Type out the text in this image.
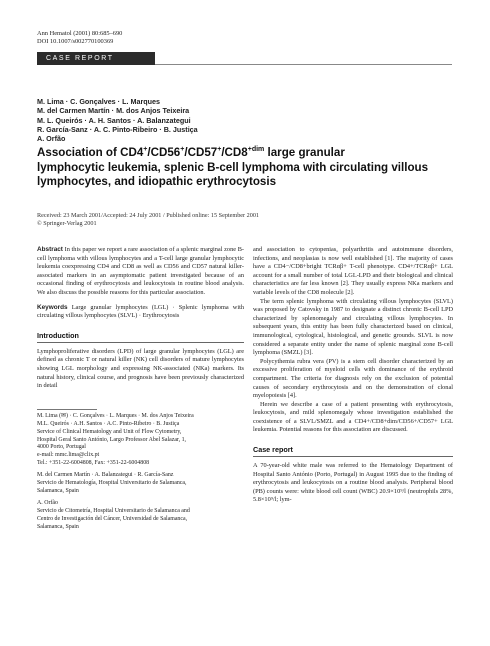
Ann Hematol (2001) 80:685–690
DOI 10.1007/s002770100369
CASE REPORT
M. Lima · C. Gonçalves · L. Marques
M. del Carmen Martín · M. dos Anjos Teixeira
M. L. Queirós · A. H. Santos · A. Balanzategui
R. García-Sanz · A. C. Pinto-Ribeiro · B. Justiça
A. Orfão
Association of $CD4^+/CD56^+/CD57^+/CD8^{+dim}$ large granular
lymphocytic leukemia, splenic B-cell lymphoma with circulating villous
lymphocytes, and idiopathic erythrocytosis
Received: 23 March 2001/Accepted: 24 July 2001 / Published online: 15 September 2001
© Springer-Verlag 2001

Abstract In this paper we report a rare association of a splenic marginal zone B-cell lymphoma with villous lymphocytes and a T-cell large granular lymphocytic leukemia coexpressing CD4 and CD8 as well as CD56 and CD57 natural killer-associated markers in an asymptomatic patient investigated because of an occasional finding of erythrocytosis and leukocytosis in routine blood analysis. We also discuss the possible reasons for this particular association.

Keywords Large granular lymphocytes (LGL) · Splenic lymphoma with circulating villous lymphocytes (SLVL) · Erythrocytosis

Introduction

Lymphoproliferative disorders (LPD) of large granular lymphocytes (LGL) are defined as chronic T or natural killer (NK) cell disorders of mature lymphocytes showing LGL morphology and expressing NK-associated (NKa) markers. Its natural history, clinical course, and prognosis have been previously characterized in detail

M. Lima (✉) · C. Gonçalves · L. Marques · M. dos Anjos Teixeira
M.L. Queirós · A.H. Santos · A.C. Pinto-Ribeiro · B. Justiça
Service of Clinical Hematology and Unit of Flow Cytometry,
Hospital Geral Santo António, Largo Professor Abel Salazar, 1,
4000 Porto, Portugal
e-mail: mmc.lima@clix.pt
Tel.: +351-22-6004808, Fax: +351-22-6004808
M. del Carmen Martín · A. Balanzategui · R. García-Sanz
Servicio de Hematología, Hospital Universitario de Salamanca,
Salamanca, Spain
A. Orfão
Servicio de Citometría, Hospital Universitario de Salamanca and
Centro de Investigación del Cáncer, Universidad de Salamanca,
Salamanca, Spain

and association to cytopenias, polyarthritis and autoimmune disorders, infections, and neoplasias is now well established [1]. The majority of cases have a CD4−/CD8+bright TCRαβ+ T-cell phenotype. CD4+/TCRαβ+ LGL account for a small number of total LGL-LPD and their biological and clinical characteristics are far less known [2]. They usually express NKa markers and variable levels of the CD8 molecule [2].

The term splenic lymphoma with circulating villous lymphocytes (SLVL) was proposed by Catovsky in 1987 to designate a distinct chronic B-cell LPD characterized by splenomegaly and circulating villous lymphocytes. In subsequent years, this entity has been fully characterized based on clinical, immunological, cytological, histological, and genetic grounds. SLVL is now considered a separate entity under the name of splenic marginal zone B-cell lymphoma (SMZL) [3].

Polycythemia rubra vera (PV) is a stem cell disorder characterized by an excessive proliferation of myeloid cells with dominance of the erythroid compartment. The criteria for diagnosis rely on the exclusion of potential causes of secondary erythrocytosis and on the demonstration of clonal myelopoiesis [4].

Herein we describe a case of a patient presenting with erythrocytosis, leukocytosis, and mild splenomegaly whose investigation established the coexistence of a SLVL/SMZL and a CD4+/CD8+dim/CD56+/CD57+ LGL leukemia. Potential reasons for this association are discussed.

Case report

A 70-year-old white male was referred to the Hematology Department of Hospital Santo António (Porto, Portugal) in August 1995 due to the finding of erythrocytosis and leukocytosis on a routine blood analysis. Peripheral blood (PB) counts were: white blood cell count (WBC) 20.9×10⁹/l (neutrophils 28%, 5.8×10⁹/l; lym-
